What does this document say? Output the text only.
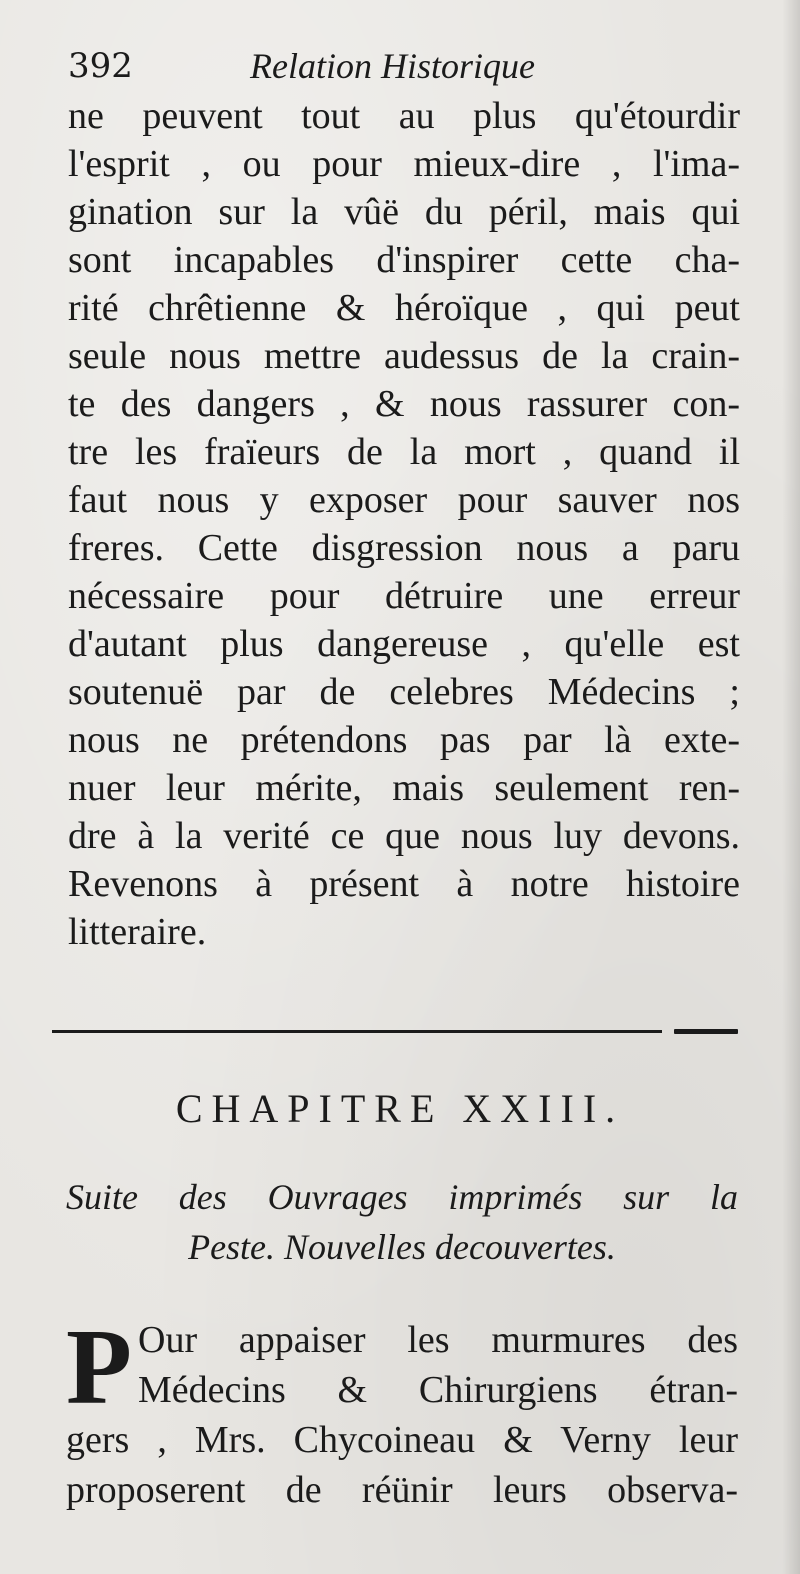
392	Relation Historique
ne peuvent tout au plus qu'étourdir
l'esprit , ou pour mieux-dire , l'ima-
gination sur la vûë du péril, mais qui
sont incapables d'inspirer cette cha-
rité chrêtienne & héroïque , qui peut
seule nous mettre audessus de la crain-
te des dangers , & nous rassurer con-
tre les fraïeurs de la mort , quand il
faut nous y exposer pour sauver nos
freres. Cette disgression nous a paru
nécessaire pour détruire une erreur
d'autant plus dangereuse , qu'elle est
soutenuë par de celebres Médecins ;
nous ne prétendons pas par là exte-
nuer leur mérite, mais seulement ren-
dre à la verité ce que nous luy devons.
Revenons à présent à notre histoire
litteraire.
CHAPITRE XXIII.
Suite des Ouvrages imprimés sur la
Peste. Nouvelles decouvertes.
P Our appaiser les murmures des
Médecins & Chirurgiens étran-
gers , Mrs. Chycoineau & Verny leur
proposerent de réünir leurs observa-
